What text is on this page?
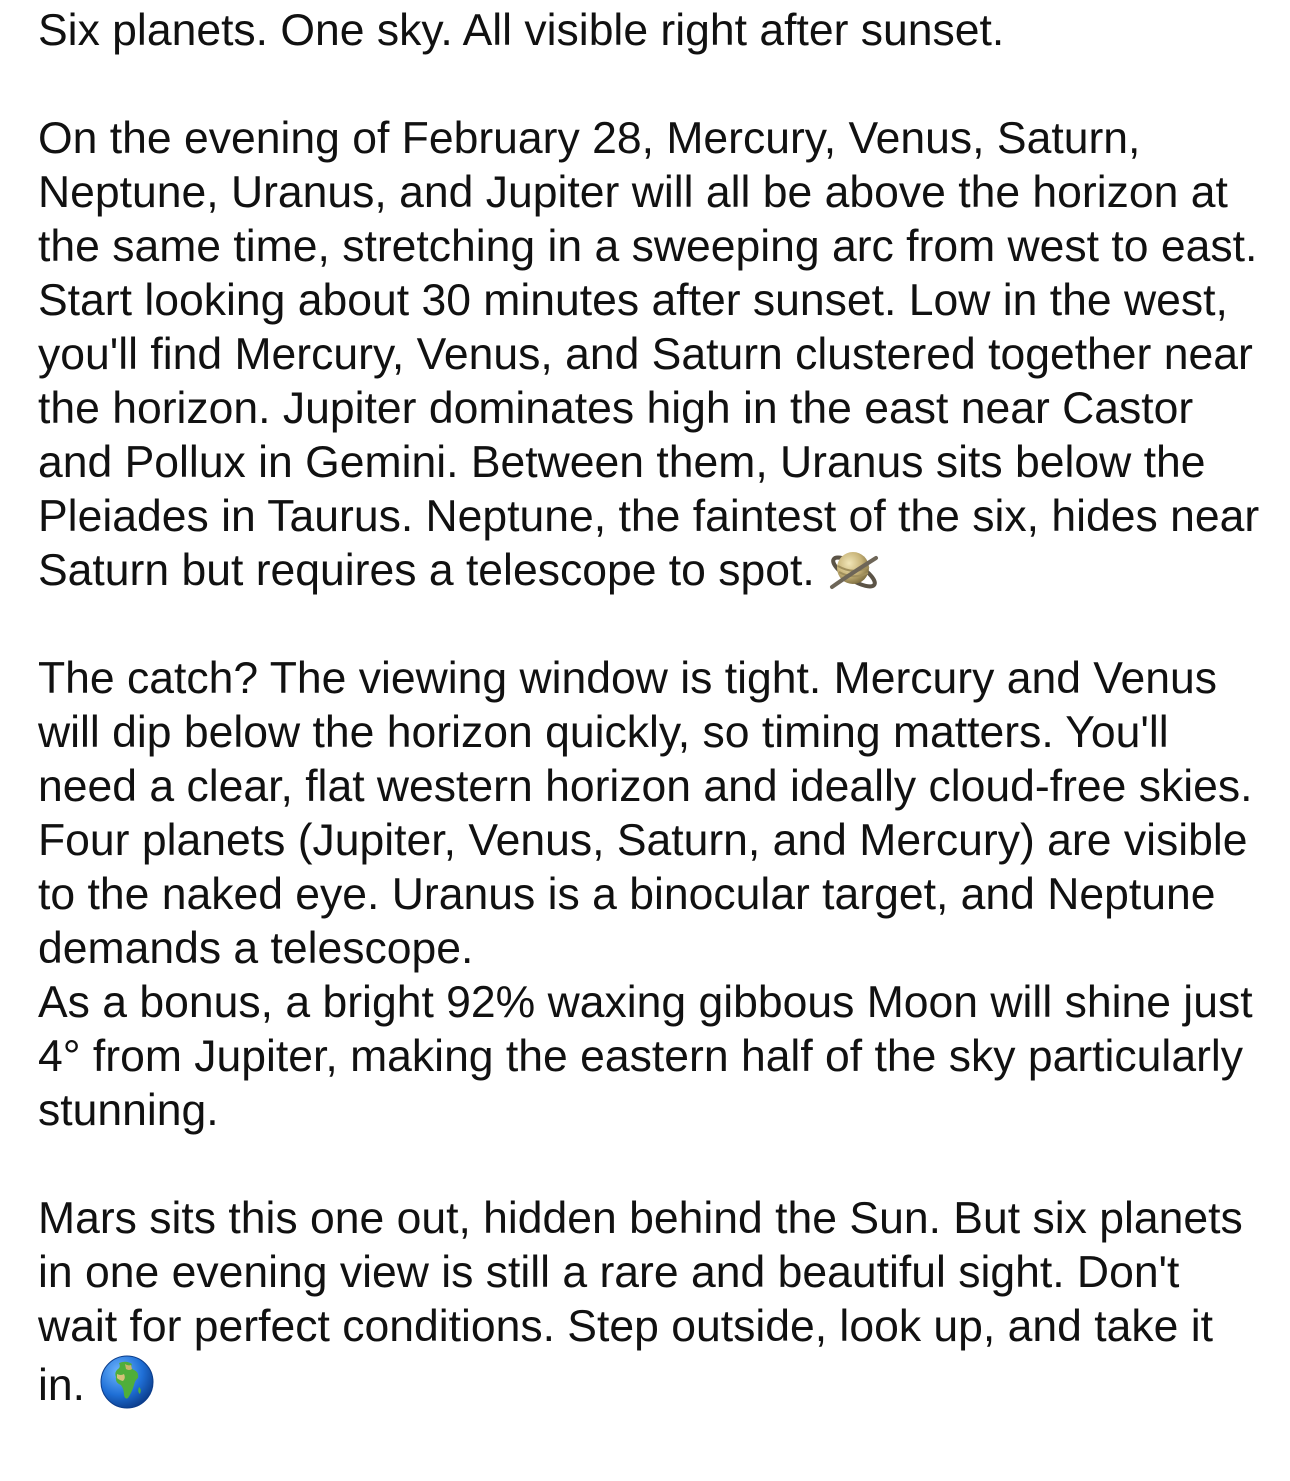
Six planets. One sky. All visible right after sunset.

On the evening of February 28, Mercury, Venus, Saturn, Neptune, Uranus, and Jupiter will all be above the horizon at the same time, stretching in a sweeping arc from west to east. Start looking about 30 minutes after sunset. Low in the west, you'll find Mercury, Venus, and Saturn clustered together near the horizon. Jupiter dominates high in the east near Castor and Pollux in Gemini. Between them, Uranus sits below the Pleiades in Taurus. Neptune, the faintest of the six, hides near Saturn but requires a telescope to spot.

The catch? The viewing window is tight. Mercury and Venus will dip below the horizon quickly, so timing matters. You'll need a clear, flat western horizon and ideally cloud-free skies. Four planets (Jupiter, Venus, Saturn, and Mercury) are visible to the naked eye. Uranus is a binocular target, and Neptune demands a telescope.

As a bonus, a bright 92% waxing gibbous Moon will shine just 4° from Jupiter, making the eastern half of the sky particularly stunning.

Mars sits this one out, hidden behind the Sun. But six planets in one evening view is still a rare and beautiful sight. Don't wait for perfect conditions. Step outside, look up, and take it in.
